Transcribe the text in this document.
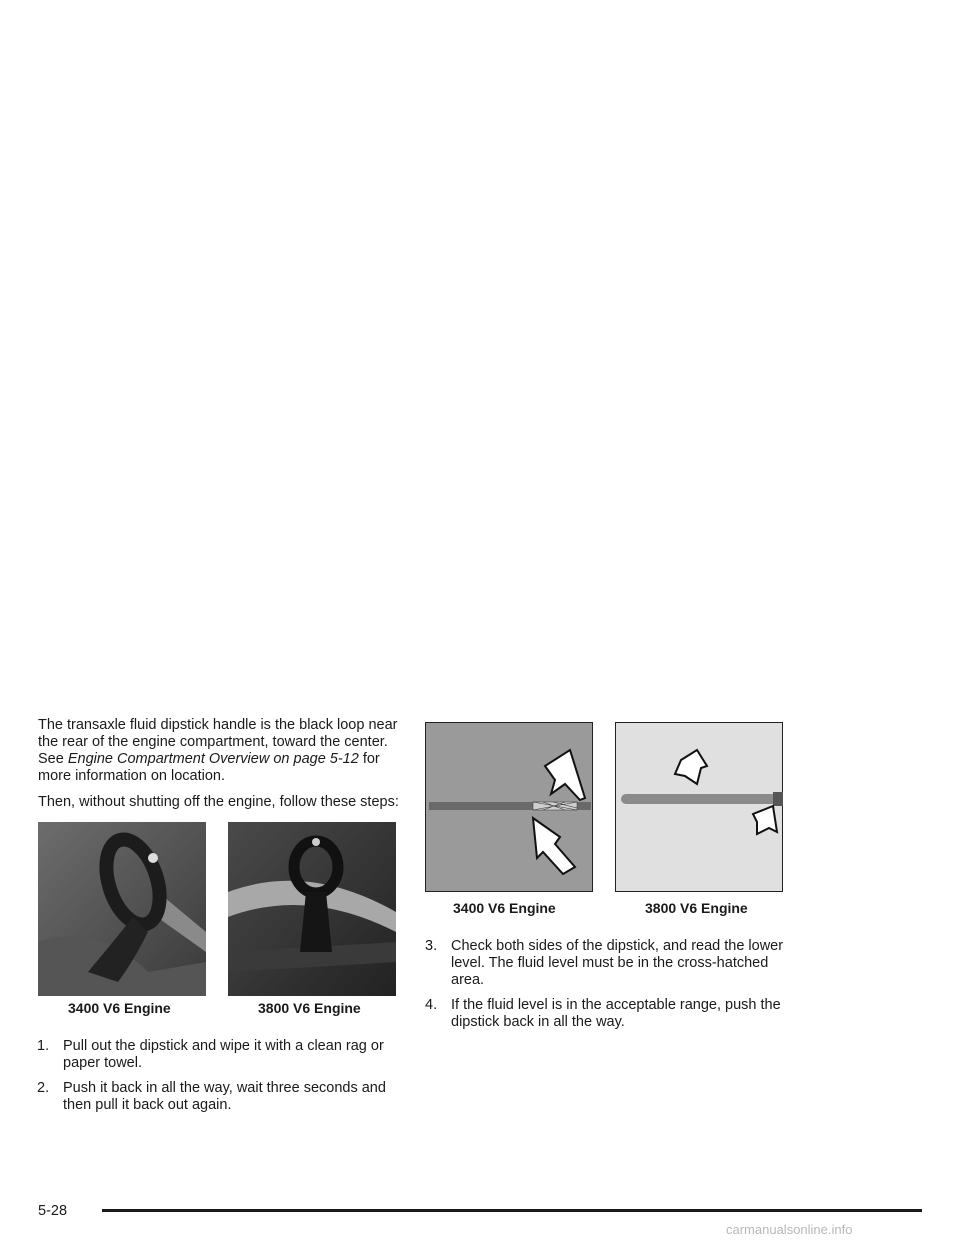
The transaxle fluid dipstick handle is the black loop near the rear of the engine compartment, toward the center. See Engine Compartment Overview on page 5-12 for more information on location.

Then, without shutting off the engine, follow these steps:

3400 V6 Engine	3800 V6 Engine
1. Pull out the dipstick and wipe it with a clean rag or paper towel.
2. Push it back in all the way, wait three seconds and then pull it back out again.
3400 V6 Engine	3800 V6 Engine
3. Check both sides of the dipstick, and read the lower level. The fluid level must be in the cross-hatched area.
4. If the fluid level is in the acceptable range, push the dipstick back in all the way.
5-28
carmanualsonline.info
